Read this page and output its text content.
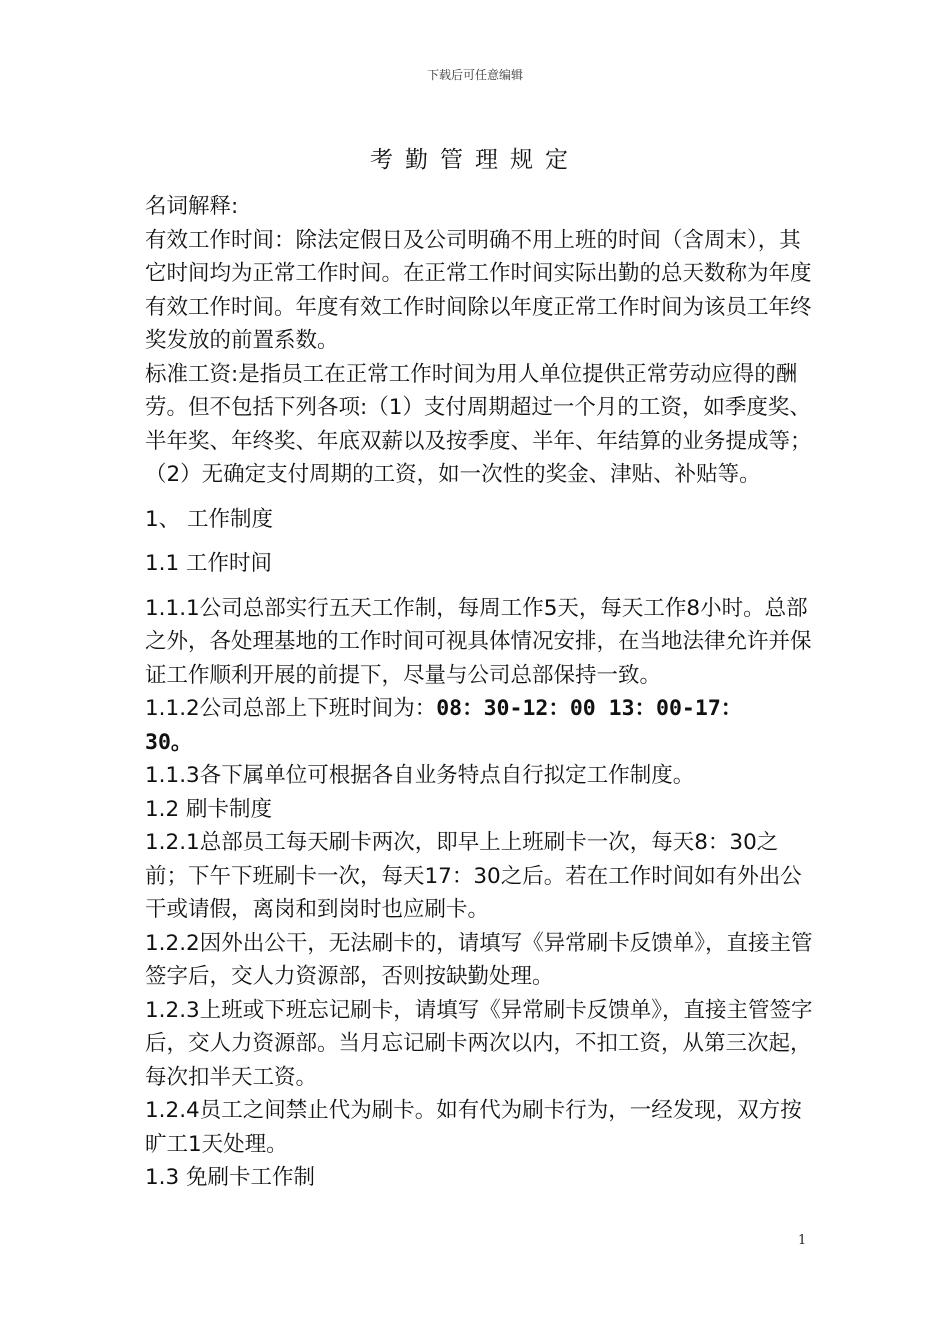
下载后可任意编辑
考勤管理规定

名词解释:

有效工作时间：除法定假日及公司明确不用上班的时间（含周末），其它时间均为正常工作时间。在正常工作时间实际出勤的总天数称为年度有效工作时间。年度有效工作时间除以年度正常工作时间为该员工年终奖发放的前置系数。

标准工资:是指员工在正常工作时间为用人单位提供正常劳动应得的酬劳。但不包括下列各项:（1）支付周期超过一个月的工资，如季度奖、半年奖、年终奖、年底双薪以及按季度、半年、年结算的业务提成等；（2）无确定支付周期的工资，如一次性的奖金、津贴、补贴等。

1、 工作制度

1.1 工作时间

1.1.1公司总部实行五天工作制，每周工作5天，每天工作8小时。总部之外，各处理基地的工作时间可视具体情况安排，在当地法律允许并保证工作顺利开展的前提下，尽量与公司总部保持一致。

1.1.2公司总部上下班时间为：08：30-12：00 13：00-17：
30。

1.1.3各下属单位可根据各自业务特点自行拟定工作制度。

1.2 刷卡制度

1.2.1总部员工每天刷卡两次，即早上上班刷卡一次，每天8：30之前；下午下班刷卡一次，每天17：30之后。若在工作时间如有外出公干或请假，离岗和到岗时也应刷卡。

1.2.2因外出公干，无法刷卡的，请填写《异常刷卡反馈单》，直接主管签字后，交人力资源部，否则按缺勤处理。

1.2.3上班或下班忘记刷卡，请填写《异常刷卡反馈单》，直接主管签字后，交人力资源部。当月忘记刷卡两次以内，不扣工资，从第三次起，每次扣半天工资。

1.2.4员工之间禁止代为刷卡。如有代为刷卡行为，一经发现，双方按旷工1天处理。

1.3 免刷卡工作制

1
